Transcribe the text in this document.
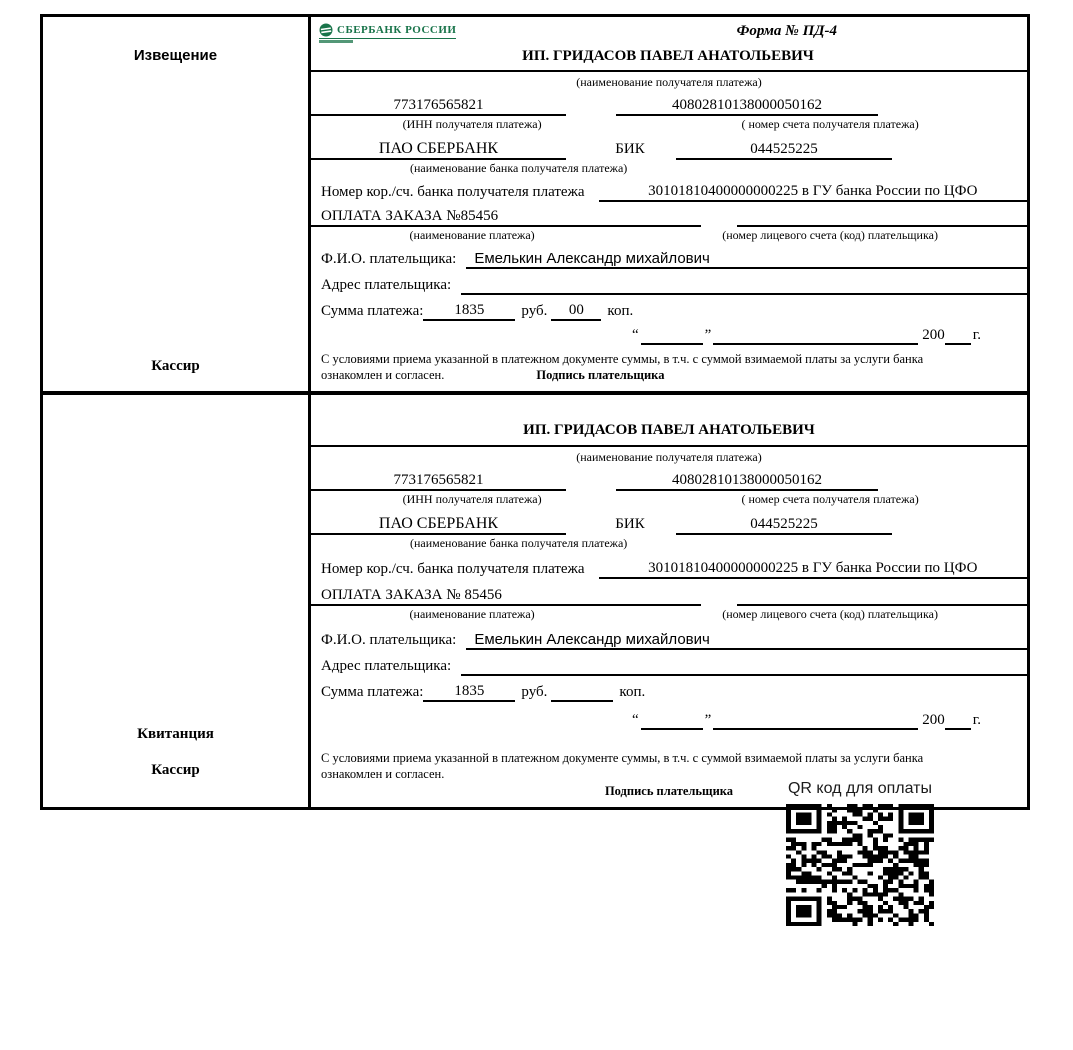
Извещение
Кассир
СБЕРБАНК РОССИИ	Форма № ПД-4
ИП. ГРИДАСОВ ПАВЕЛ АНАТОЛЬЕВИЧ
(наименование получателя платежа)
773176565821	40802810138000050162
(ИНН получателя платежа)	( номер счета получателя платежа)
ПАО СБЕРБАНК	БИК	044525225
(наименование банка получателя платежа)
Номер кор./сч. банка получателя платежа	30101810400000000225 в ГУ банка России по ЦФО
ОПЛАТА ЗАКАЗА №85456
(наименование платежа)	(номер лицевого счета (код) плательщика)
Ф.И.О. плательщика:	Емелькин Александр михайлович
Адрес плательщика:
Сумма платежа:	1835	руб.	00	коп.
“	”	200 г.
С условиями приема указанной в платежном документе суммы, в т.ч. с суммой взимаемой платы за услуги банка
ознакомлен и согласен.	Подпись плательщика
Квитанция
Кассир
ИП. ГРИДАСОВ ПАВЕЛ АНАТОЛЬЕВИЧ
(наименование получателя платежа)
773176565821	40802810138000050162
(ИНН получателя платежа)	( номер счета получателя платежа)
ПАО СБЕРБАНК	БИК	044525225
(наименование банка получателя платежа)
Номер кор./сч. банка получателя платежа	30101810400000000225 в ГУ банка России по ЦФО
ОПЛАТА ЗАКАЗА № 85456
(наименование платежа)	(номер лицевого счета (код) плательщика)
Ф.И.О. плательщика:	Емелькин Александр михайлович
Адрес плательщика:
Сумма платежа:	1835	руб.	коп.
“	”	200 г.
С условиями приема указанной в платежном документе суммы, в т.ч. с суммой взимаемой платы за услуги банка
ознакомлен и согласен.
Подпись плательщика	QR код для оплаты
